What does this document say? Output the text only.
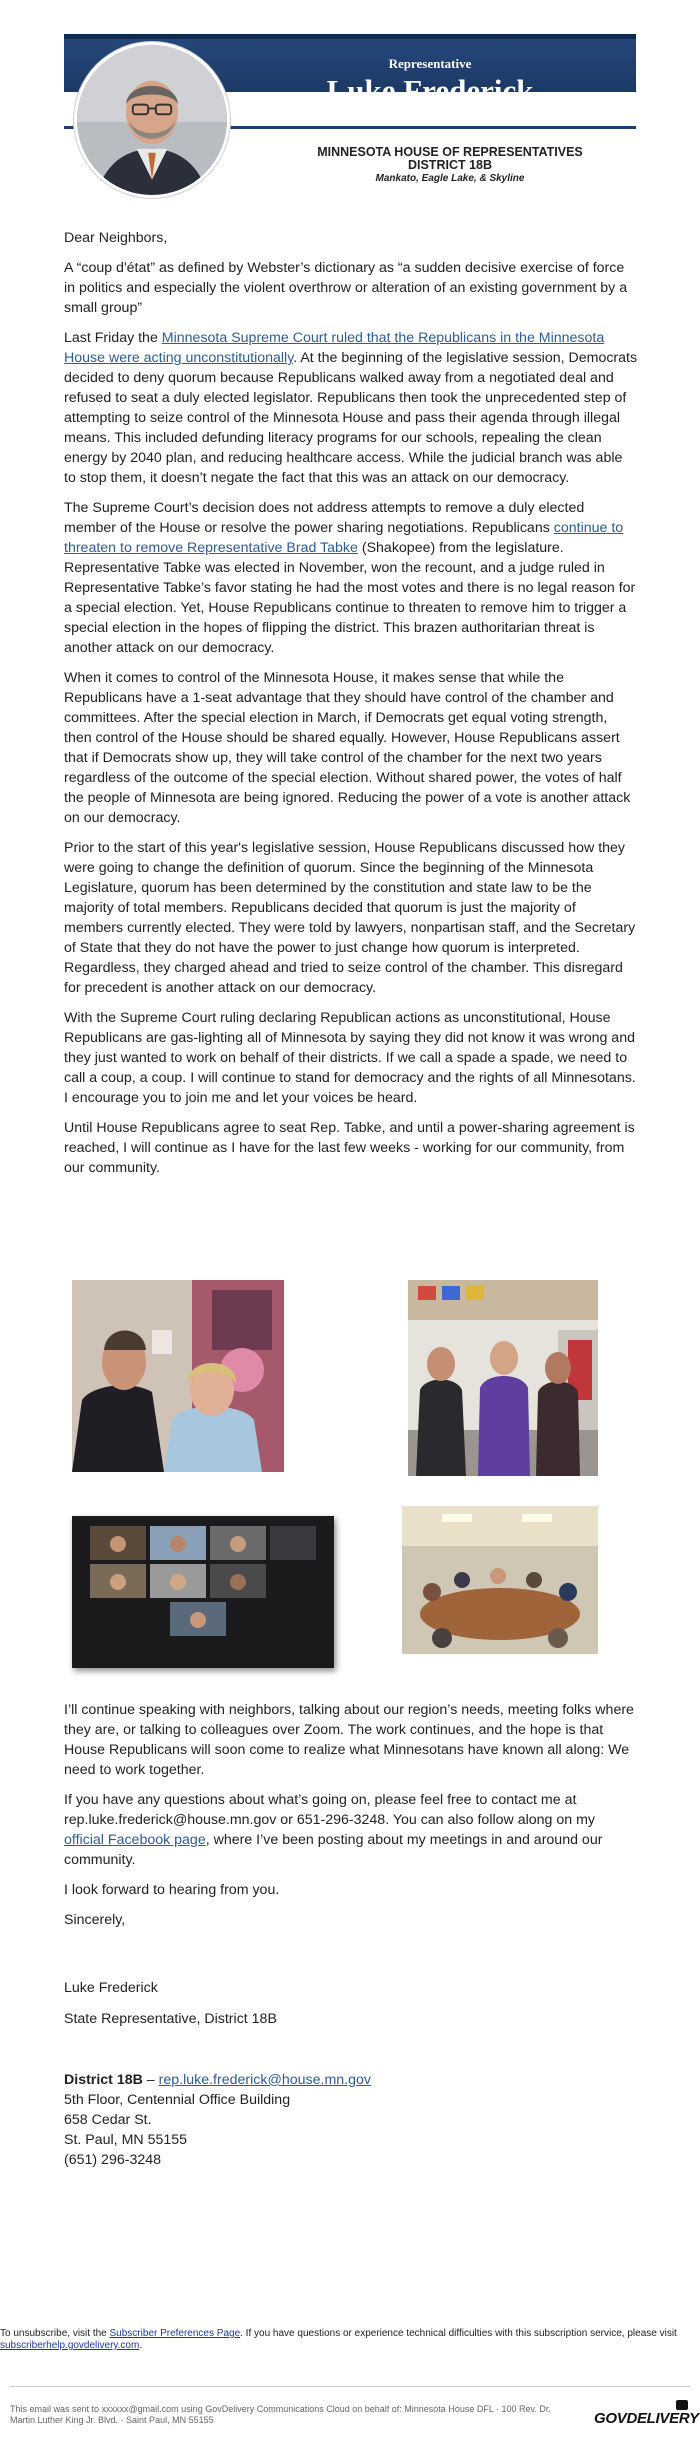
Representative
Luke Frederick
MINNESOTA HOUSE OF REPRESENTATIVES
DISTRICT 18B
Mankato, Eagle Lake, & Skyline

Dear Neighbors,

A “coup d'état” as defined by Webster’s dictionary as “a sudden decisive exercise of force in politics and especially the violent overthrow or alteration of an existing government by a small group”

Last Friday the Minnesota Supreme Court ruled that the Republicans in the Minnesota House were acting unconstitutionally. At the beginning of the legislative session, Democrats decided to deny quorum because Republicans walked away from a negotiated deal and refused to seat a duly elected legislator. Republicans then took the unprecedented step of attempting to seize control of the Minnesota House and pass their agenda through illegal means. This included defunding literacy programs for our schools, repealing the clean energy by 2040 plan, and reducing healthcare access. While the judicial branch was able to stop them, it doesn’t negate the fact that this was an attack on our democracy.

The Supreme Court’s decision does not address attempts to remove a duly elected member of the House or resolve the power sharing negotiations. Republicans continue to threaten to remove Representative Brad Tabke (Shakopee) from the legislature. Representative Tabke was elected in November, won the recount, and a judge ruled in Representative Tabke’s favor stating he had the most votes and there is no legal reason for a special election. Yet, House Republicans continue to threaten to remove him to trigger a special election in the hopes of flipping the district. This brazen authoritarian threat is another attack on our democracy.

When it comes to control of the Minnesota House, it makes sense that while the Republicans have a 1-seat advantage that they should have control of the chamber and committees. After the special election in March, if Democrats get equal voting strength, then control of the House should be shared equally. However, House Republicans assert that if Democrats show up, they will take control of the chamber for the next two years regardless of the outcome of the special election. Without shared power, the votes of half the people of Minnesota are being ignored. Reducing the power of a vote is another attack on our democracy.

Prior to the start of this year's legislative session, House Republicans discussed how they were going to change the definition of quorum. Since the beginning of the Minnesota Legislature, quorum has been determined by the constitution and state law to be the majority of total members. Republicans decided that quorum is just the majority of members currently elected. They were told by lawyers, nonpartisan staff, and the Secretary of State that they do not have the power to just change how quorum is interpreted. Regardless, they charged ahead and tried to seize control of the chamber. This disregard for precedent is another attack on our democracy.

With the Supreme Court ruling declaring Republican actions as unconstitutional, House Republicans are gas-lighting all of Minnesota by saying they did not know it was wrong and they just wanted to work on behalf of their districts. If we call a spade a spade, we need to call a coup, a coup. I will continue to stand for democracy and the rights of all Minnesotans. I encourage you to join me and let your voices be heard.

Until House Republicans agree to seat Rep. Tabke, and until a power-sharing agreement is reached, I will continue as I have for the last few weeks - working for our community, from our community.

I’ll continue speaking with neighbors, talking about our region’s needs, meeting folks where they are, or talking to colleagues over Zoom. The work continues, and the hope is that House Republicans will soon come to realize what Minnesotans have known all along: We need to work together.

If you have any questions about what’s going on, please feel free to contact me at rep.luke.frederick@house.mn.gov or 651-296-3248. You can also follow along on my official Facebook page, where I’ve been posting about my meetings in and around our community.

I look forward to hearing from you.

Sincerely,

Luke Frederick
State Representative, District 18B
District 18B – rep.luke.frederick@house.mn.gov
5th Floor, Centennial Office Building
658 Cedar St.
St. Paul, MN 55155
(651) 296-3248
To unsubscribe, visit the Subscriber Preferences Page. If you have questions or experience technical difficulties with this subscription service, please visit subscriberhelp.govdelivery.com.
This email was sent to xxxxxx@gmail.com using GovDelivery Communications Cloud on behalf of: Minnesota House DFL · 100 Rev. Dr. Martin Luther King Jr. Blvd. · Saint Paul, MN 55155	GOVDELIVERY
